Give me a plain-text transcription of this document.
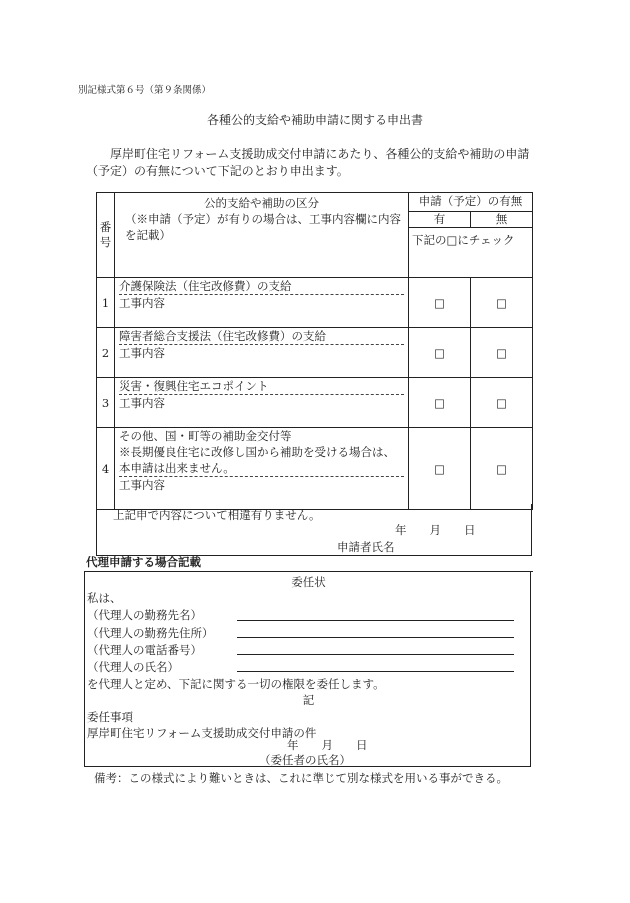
別記様式第６号（第９条関係）
各種公的支給や補助申請に関する申出書
厚岸町住宅リフォーム支援助成交付申請にあたり、各種公的支給や補助の申請
（予定）の有無について下記のとおり申出ます。
番号	公的支給や補助の区分
（※申請（予定）が有りの場合は、工事内容欄に内容を記載）	申請（予定）の有無	
		有	無
		下記の□にチェック	
1	介護保険法（住宅改修費）の支給
工事内容	□	□
2	障害者総合支援法（住宅改修費）の支給
工事内容	□	□
3	災害・復興住宅エコポイント
工事内容	□	□
4	その他、国・町等の補助金交付等
※長期優良住宅に改修し国から補助を受ける場合は、本申請は出来ません。
工事内容	□	□
上記申で内容について相違有りません。
年　　月　　日
申請者氏名
代理申請する場合記載
委任状
私は、
（代理人の勤務先名）
（代理人の勤務先住所）
（代理人の電話番号）
（代理人の氏名）
を代理人と定め、下記に関する一切の権限を委任します。
記
委任事項
厚岸町住宅リフォーム支援助成交付申請の件
年　　月　　日
（委任者の氏名）
備考：この様式により難いときは、これに準じて別な様式を用いる事ができる。
